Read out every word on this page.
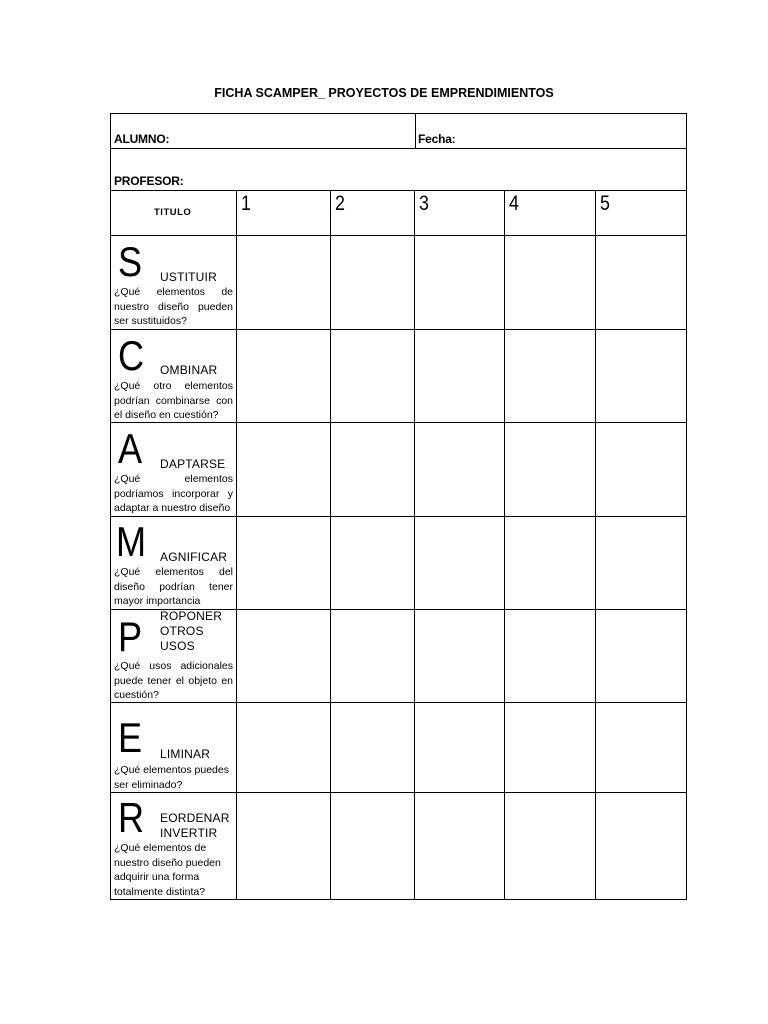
FICHA SCAMPER_ PROYECTOS DE EMPRENDIMIENTOS
ALUMNO:	Fecha:
PROFESOR:
TITULO 1	2	3	4	5
S USTITUIR
¿Qué elementos de nuestro diseño pueden ser sustituidos?
C OMBINAR
¿Qué otro elementos podrían combinarse con el diseño en cuestión?
A DAPTARSE
¿Qué elementos podríamos incorporar y adaptar a nuestro diseño
M AGNIFICAR
¿Qué elementos del diseño podrían tener mayor importancia
P ROPONER OTROS USOS
¿Qué usos adicionales puede tener el objeto en cuestión?
E LIMINAR
¿Qué elementos puedes ser eliminado?
R EORDENAR INVERTIR
¿Qué elementos de nuestro diseño pueden adquirir una forma totalmente distinta?
